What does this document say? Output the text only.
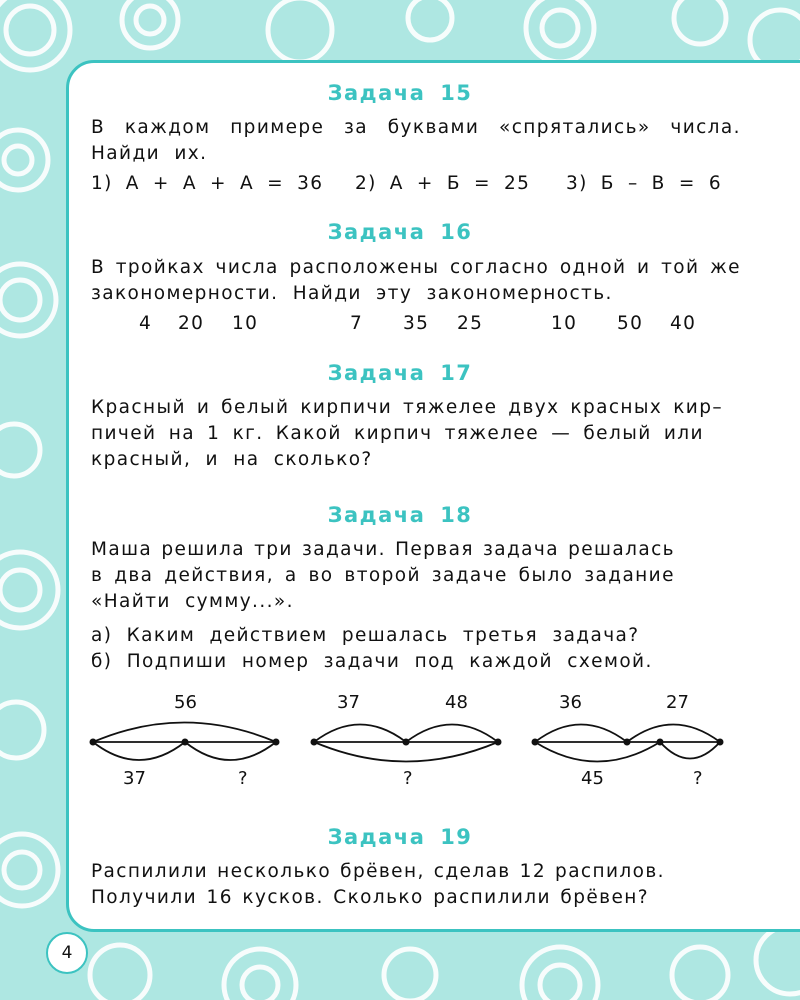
Задача 15
В каждом примере за буквами «спрятались» числа.
Найди их.
1) А + А + А = 36 2) А + Б = 25 3) Б – В = 6
Задача 16
В тройках числа расположены согласно одной и той же
закономерности. Найди эту закономерность.
4 20 10	7 35 25	10 50 40
Задача 17
Красный и белый кирпичи тяжелее двух красных кир–
пичей на 1 кг. Какой кирпич тяжелее — белый или
красный, и на сколько?
Задача 18
Маша решила три задачи. Первая задача решалась
в два действия, а во второй задаче было задание
«Найти сумму...».
а) Каким действием решалась третья задача?
б) Подпиши номер задачи под каждой схемой.
56
37	?
37	48
?
36	27
45	?
Задача 19
Распилили несколько брёвен, сделав 12 распилов.
Получили 16 кусков. Сколько распилили брёвен?
4
